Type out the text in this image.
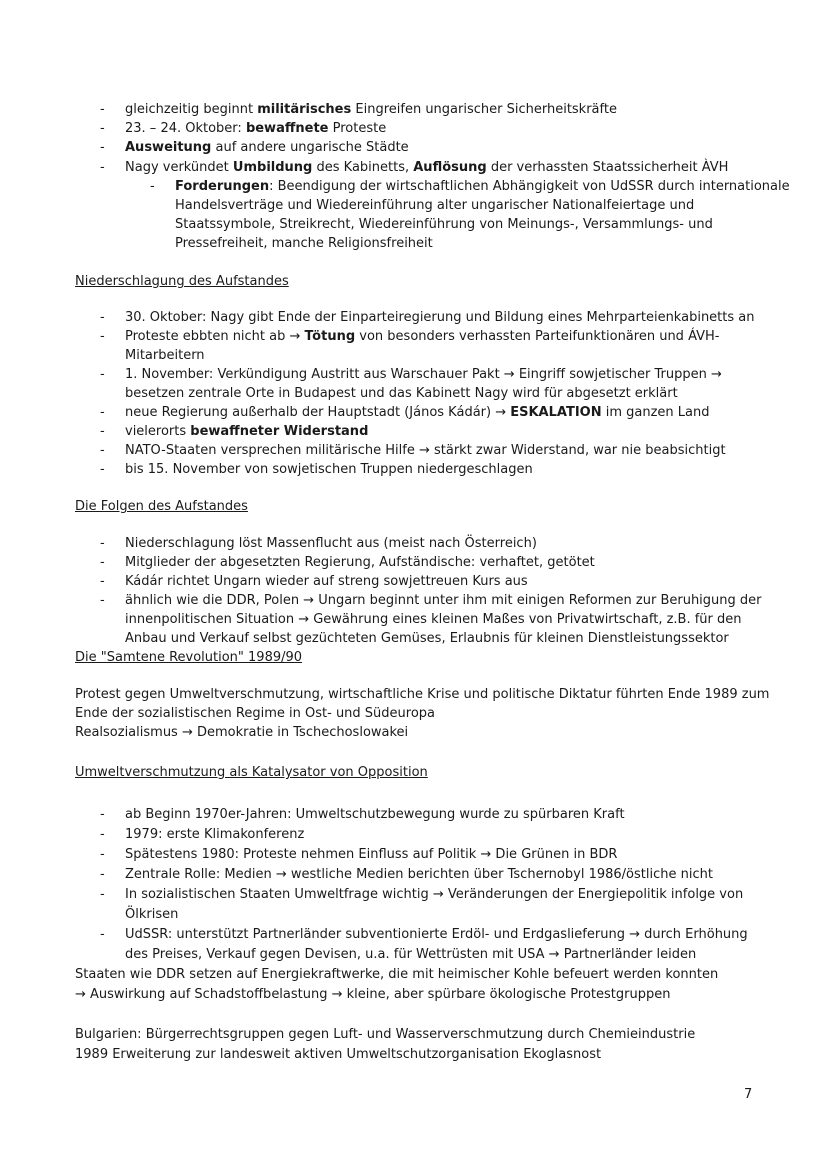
- gleichzeitig beginnt militärisches Eingreifen ungarischer Sicherheitskräfte

- 23. – 24. Oktober: bewaffnete Proteste

- Ausweitung auf andere ungarische Städte

- Nagy verkündet Umbildung des Kabinetts, Auflösung der verhassten Staatssicherheit ÀVH

- Forderungen: Beendigung der wirtschaftlichen Abhängigkeit von UdSSR durch internationale

Handelsverträge und Wiedereinführung alter ungarischer Nationalfeiertage und

Staatssymbole, Streikrecht, Wiedereinführung von Meinungs-, Versammlungs- und

Pressefreiheit, manche Religionsfreiheit

Niederschlagung des Aufstandes

- 30. Oktober: Nagy gibt Ende der Einparteiregierung und Bildung eines Mehrparteienkabinetts an

- Proteste ebbten nicht ab → Tötung von besonders verhassten Parteifunktionären und ÁVH-

Mitarbeitern

- 1. November: Verkündigung Austritt aus Warschauer Pakt → Eingriff sowjetischer Truppen →

besetzen zentrale Orte in Budapest und das Kabinett Nagy wird für abgesetzt erklärt

- neue Regierung außerhalb der Hauptstadt (János Kádár) → ESKALATION im ganzen Land

- vielerorts bewaffneter Widerstand

- NATO-Staaten versprechen militärische Hilfe → stärkt zwar Widerstand, war nie beabsichtigt

- bis 15. November von sowjetischen Truppen niedergeschlagen

Die Folgen des Aufstandes

- Niederschlagung löst Massenflucht aus (meist nach Österreich)

- Mitglieder der abgesetzten Regierung, Aufständische: verhaftet, getötet

- Kádár richtet Ungarn wieder auf streng sowjettreuen Kurs aus

- ähnlich wie die DDR, Polen → Ungarn beginnt unter ihm mit einigen Reformen zur Beruhigung der

innenpolitischen Situation → Gewährung eines kleinen Maßes von Privatwirtschaft, z.B. für den

Anbau und Verkauf selbst gezüchteten Gemüses, Erlaubnis für kleinen Dienstleistungssektor

Die "Samtene Revolution" 1989/90

Protest gegen Umweltverschmutzung, wirtschaftliche Krise und politische Diktatur führten Ende 1989 zum

Ende der sozialistischen Regime in Ost- und Südeuropa

Realsozialismus → Demokratie in Tschechoslowakei

Umweltverschmutzung als Katalysator von Opposition

- ab Beginn 1970er-Jahren: Umweltschutzbewegung wurde zu spürbaren Kraft

- 1979: erste Klimakonferenz

- Spätestens 1980: Proteste nehmen Einfluss auf Politik → Die Grünen in BDR

- Zentrale Rolle: Medien → westliche Medien berichten über Tschernobyl 1986/östliche nicht

- In sozialistischen Staaten Umweltfrage wichtig → Veränderungen der Energiepolitik infolge von

Ölkrisen

- UdSSR: unterstützt Partnerländer subventionierte Erdöl- und Erdgaslieferung → durch Erhöhung

des Preises, Verkauf gegen Devisen, u.a. für Wettrüsten mit USA → Partnerländer leiden

Staaten wie DDR setzen auf Energiekraftwerke, die mit heimischer Kohle befeuert werden konnten

→ Auswirkung auf Schadstoffbelastung → kleine, aber spürbare ökologische Protestgruppen

Bulgarien: Bürgerrechtsgruppen gegen Luft- und Wasserverschmutzung durch Chemieindustrie

1989 Erweiterung zur landesweit aktiven Umweltschutzorganisation Ekoglasnost

7
